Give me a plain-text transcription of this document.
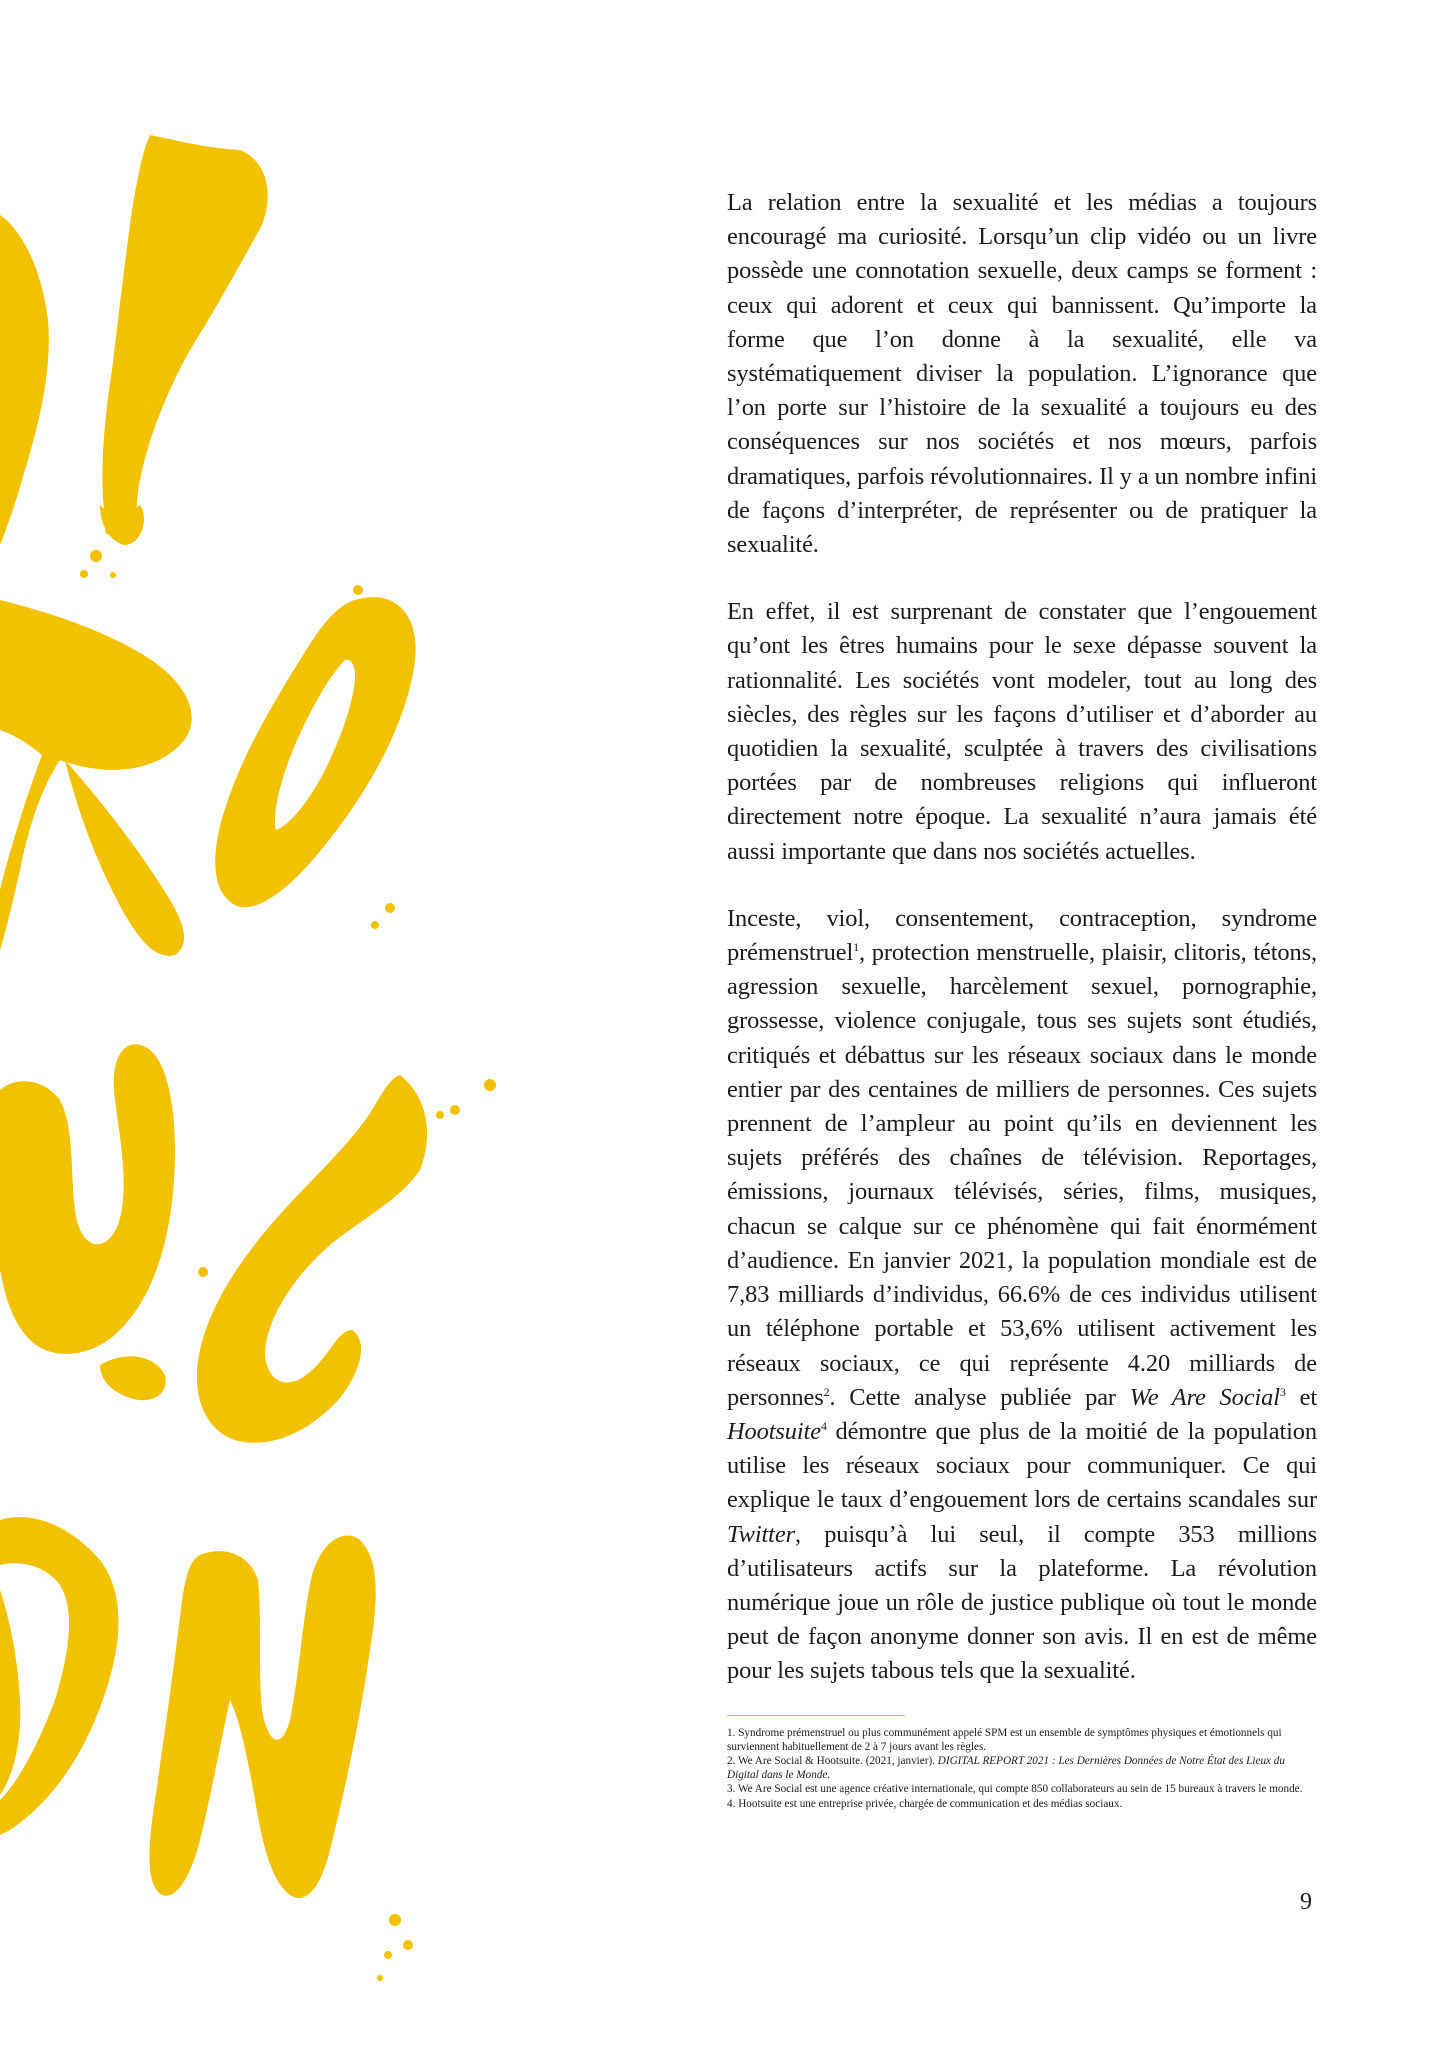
La relation entre la sexualité et les médias a toujours encouragé ma curiosité. Lorsqu’un clip vidéo ou un livre possède une connotation sexuelle, deux camps se forment : ceux qui adorent et ceux qui bannissent. Qu’importe la forme que l’on donne à la sexualité, elle va systématiquement diviser la population. L’ignorance que l’on porte sur l’histoire de la sexualité a toujours eu des conséquences sur nos sociétés et nos mœurs, parfois dramatiques, parfois révolutionnaires. Il y a un nombre infini de façons d’interpréter, de représenter ou de pratiquer la sexualité.

En effet, il est surprenant de constater que l’engouement qu’ont les êtres humains pour le sexe dépasse souvent la rationnalité. Les sociétés vont modeler, tout au long des siècles, des règles sur les façons d’utiliser et d’aborder au quotidien la sexualité, sculptée à travers des civilisations portées par de nombreuses religions qui influeront directement notre époque. La sexualité n’aura jamais été aussi importante que dans nos sociétés actuelles.

Inceste, viol, consentement, contraception, syndrome prémenstruel$^1$, protection menstruelle, plaisir, clitoris, tétons, agression sexuelle, harcèlement sexuel, pornographie, grossesse, violence conjugale, tous ses sujets sont étudiés, critiqués et débattus sur les réseaux sociaux dans le monde entier par des centaines de milliers de personnes. Ces sujets prennent de l’ampleur au point qu’ils en deviennent les sujets préférés des chaînes de télévision. Reportages, émissions, journaux télévisés, séries, films, musiques, chacun se calque sur ce phénomène qui fait énormément d’audience. En janvier 2021, la population mondiale est de 7,83 milliards d’individus, 66.6% de ces individus utilisent un téléphone portable et 53,6% utilisent activement les réseaux sociaux, ce qui représente 4.20 milliards de personnes$^2$. Cette analyse publiée par We Are Social$^3$ et Hootsuite$^4$ démontre que plus de la moitié de la population utilise les réseaux sociaux pour communiquer. Ce qui explique le taux d’engouement lors de certains scandales sur Twitter, puisqu’à lui seul, il compte 353 millions d’utilisateurs actifs sur la plateforme. La révolution numérique joue un rôle de justice publique où tout le monde peut de façon anonyme donner son avis. Il en est de même pour les sujets tabous tels que la sexualité.

1. Syndrome prémenstruel ou plus communément appelé SPM est un ensemble de symptômes physiques et émotionnels qui surviennent habituellement de 2 à 7 jours avant les règles.

2. We Are Social & Hootsuite. (2021, janvier). DIGITAL REPORT 2021 : Les Dernières Données de Notre État des Lieux du Digital dans le Monde.

3. We Are Social est une agence créative internationale, qui compte 850 collaborateurs au sein de 15 bureaux à travers le monde.

4. Hootsuite est une entreprise privée, chargée de communication et des médias sociaux.

9
